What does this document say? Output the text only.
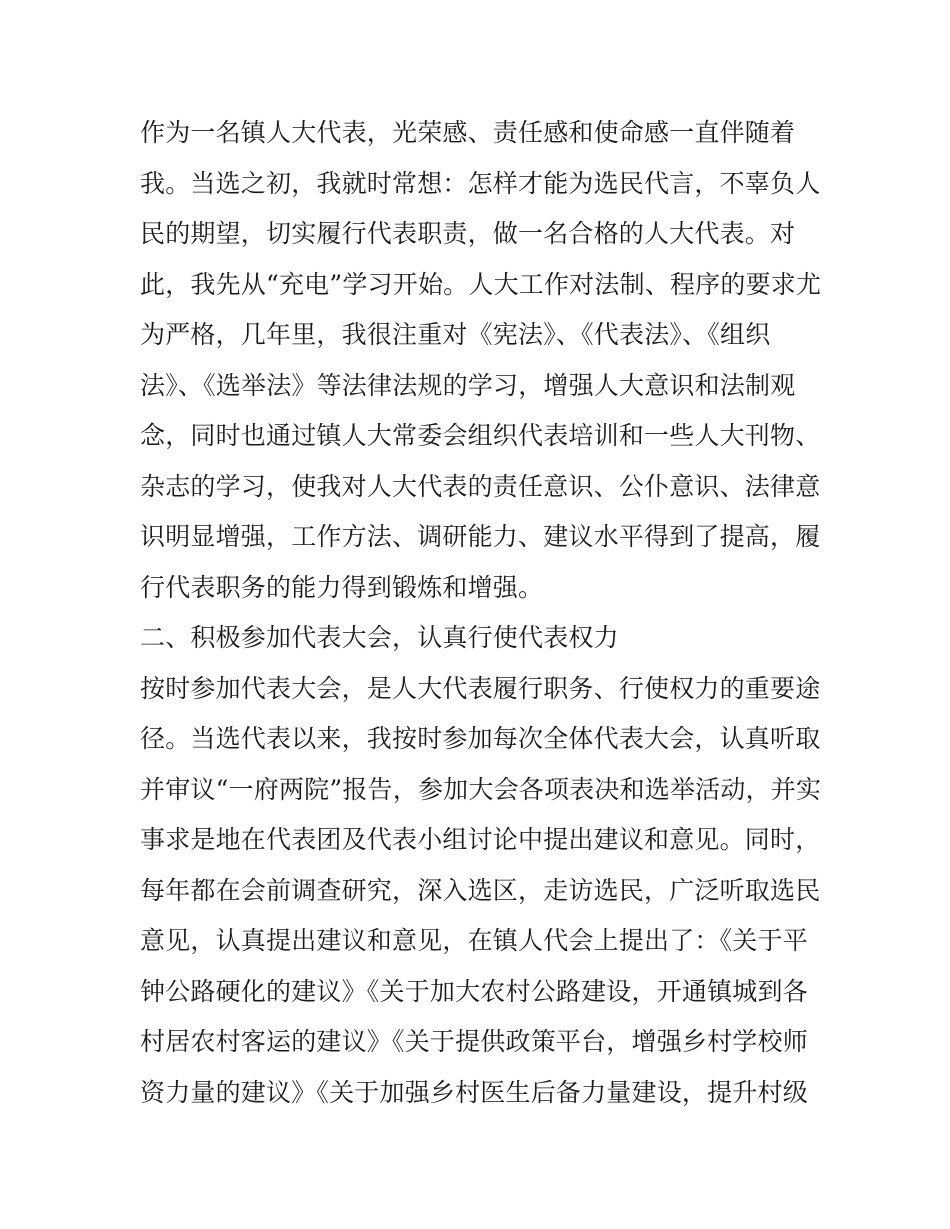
作为一名镇人大代表，光荣感、责任感和使命感一直伴随着
我。当选之初，我就时常想：怎样才能为选民代言，不辜负人
民的期望，切实履行代表职责，做一名合格的人大代表。对
此，我先从“充电”学习开始。人大工作对法制、程序的要求尤
为严格，几年里，我很注重对《宪法》、《代表法》、《组织
法》、《选举法》等法律法规的学习，增强人大意识和法制观
念，同时也通过镇人大常委会组织代表培训和一些人大刊物、
杂志的学习，使我对人大代表的责任意识、公仆意识、法律意
识明显增强，工作方法、调研能力、建议水平得到了提高，履
行代表职务的能力得到锻炼和增强。
二、积极参加代表大会，认真行使代表权力
按时参加代表大会，是人大代表履行职务、行使权力的重要途
径。当选代表以来，我按时参加每次全体代表大会，认真听取
并审议“一府两院”报告，参加大会各项表决和选举活动，并实
事求是地在代表团及代表小组讨论中提出建议和意见。同时，
每年都在会前调查研究，深入选区，走访选民，广泛听取选民
意见，认真提出建议和意见，在镇人代会上提出了：《关于平
钟公路硬化的建议》《关于加大农村公路建设，开通镇城到各
村居农村客运的建议》《关于提供政策平台，增强乡村学校师
资力量的建议》《关于加强乡村医生后备力量建设，提升村级
